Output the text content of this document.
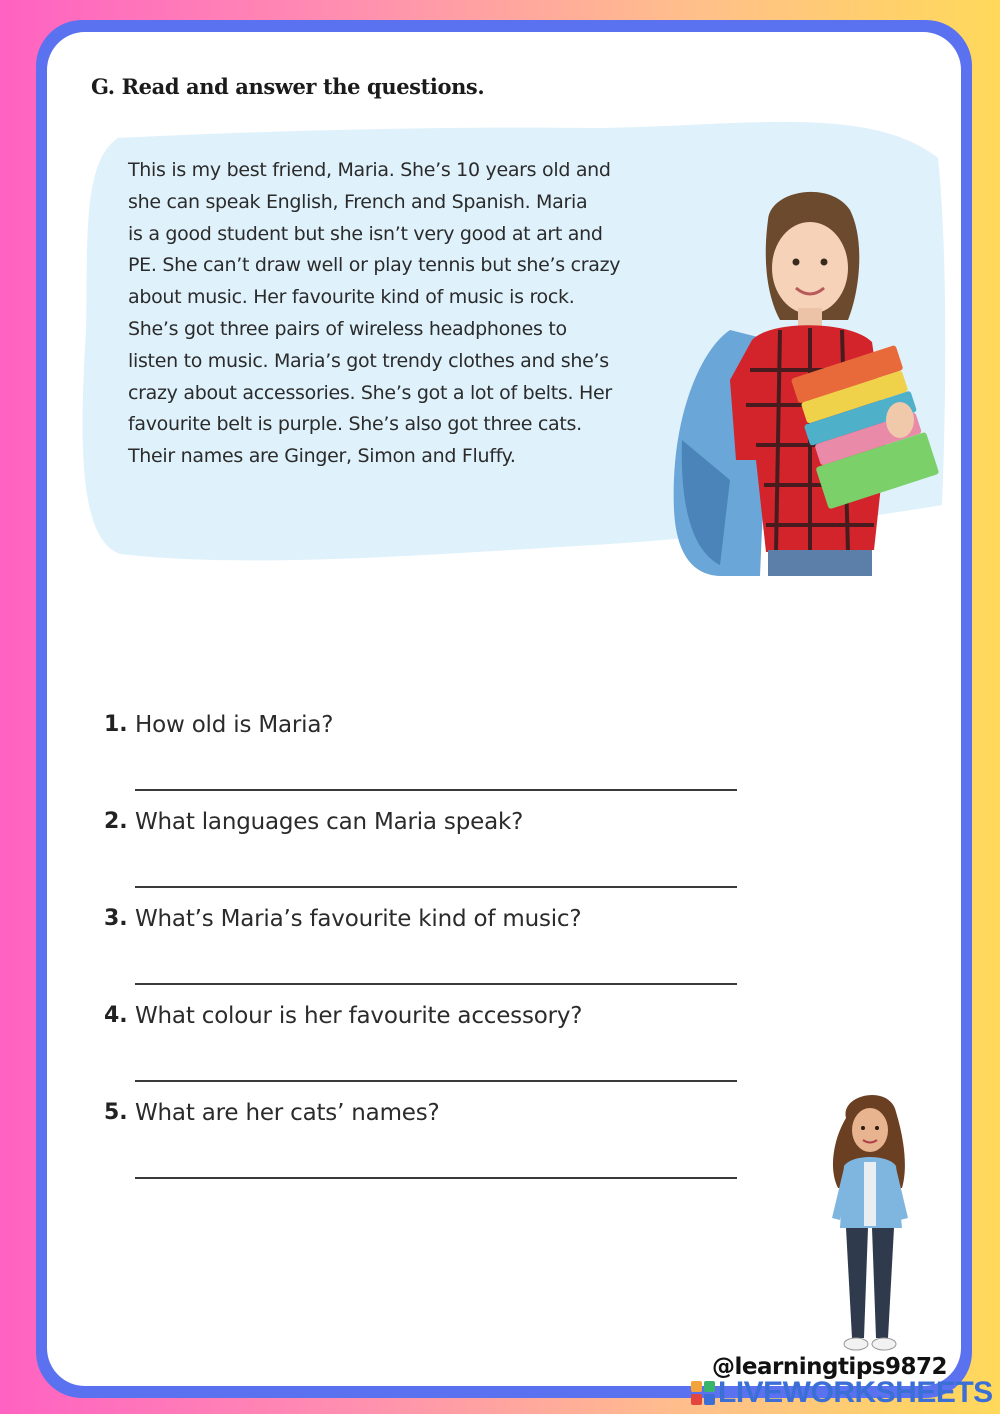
G. Read and answer the questions.
This is my best friend, Maria. She’s 10 years old and
she can speak English, French and Spanish. Maria
is a good student but she isn’t very good at art and
PE. She can’t draw well or play tennis but she’s crazy
about music. Her favourite kind of music is rock.
She’s got three pairs of wireless headphones to
listen to music. Maria’s got trendy clothes and she’s
crazy about accessories. She’s got a lot of belts. Her
favourite belt is purple. She’s also got three cats.
Their names are Ginger, Simon and Fluffy.
1. How old is Maria?
2. What languages can Maria speak?
3. What’s Maria’s favourite kind of music?
4. What colour is her favourite accessory?
5. What are her cats’ names?
@learningtips9872
LIVEWORKSHEETS
